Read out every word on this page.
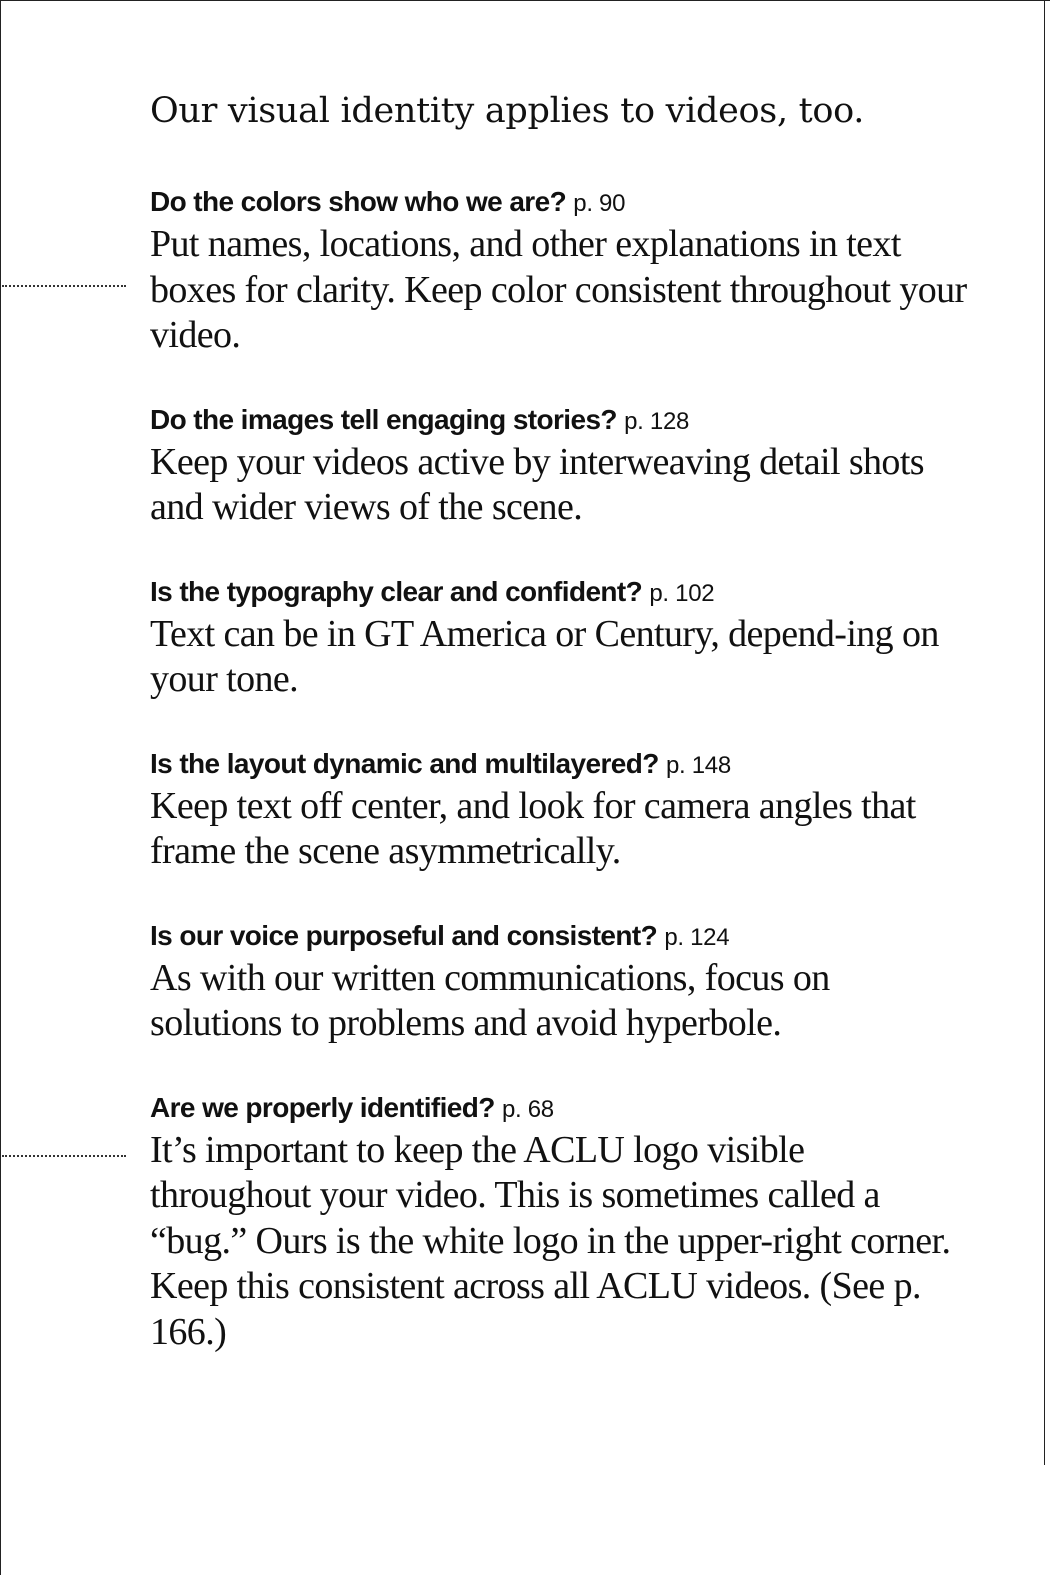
Our visual identity applies to videos, too.

Do the colors show who we are? p. 90

Put names, locations, and other explanations in text boxes for clarity. Keep color consistent throughout your video.

Do the images tell engaging stories? p. 128

Keep your videos active by interweaving detail shots and wider views of the scene.

Is the typography clear and confident? p. 102

Text can be in GT America or Century, depend-ing on your tone.

Is the layout dynamic and multilayered? p. 148

Keep text off center, and look for camera angles that frame the scene asymmetrically.

Is our voice purposeful and consistent? p. 124

As with our written communications, focus on solutions to problems and avoid hyperbole.

Are we properly identified? p. 68

It’s important to keep the ACLU logo visible throughout your video. This is sometimes called a “bug.” Ours is the white logo in the upper-right corner. Keep this consistent across all ACLU videos. (See p. 166.)
